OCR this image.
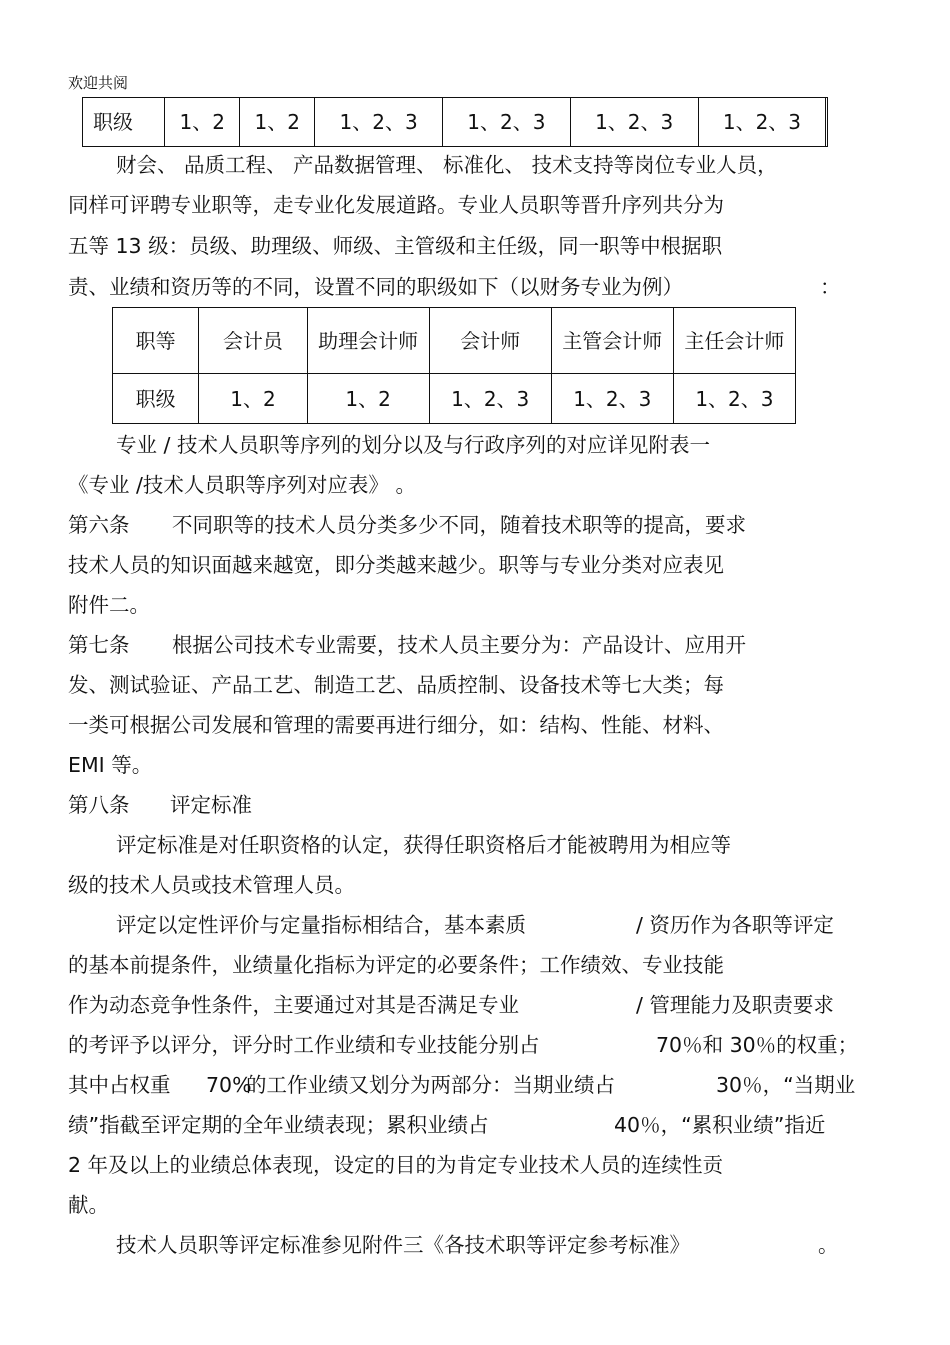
欢迎共阅
职级	1、2	1、2	1、2、3	1、2、3	1、2、3	1、2、3	
财会、 品质工程、 产品数据管理、 标准化、 技术支持等岗位专业人员，
同样可评聘专业职等，走专业化发展道路。专业人员职等晋升序列共分为
五等 13 级：员级、助理级、师级、主管级和主任级，同一职等中根据职
责、业绩和资历等的不同，设置不同的职级如下（以财务专业为例）	：
职等	会计员	助理会计师	会计师	主管会计师	主任会计师
职级	1、2	1、2	1、2、3	1、2、3	1、2、3
专业 / 技术人员职等序列的划分以及与行政序列的对应详见附表一
《专业 /技术人员职等序列对应表》 。
第六条 不同职等的技术人员分类多少不同，随着技术职等的提高，要求
技术人员的知识面越来越宽，即分类越来越少。职等与专业分类对应表见
附件二。
第七条 根据公司技术专业需要，技术人员主要分为：产品设计、应用开
发、测试验证、产品工艺、制造工艺、品质控制、设备技术等七大类；每
一类可根据公司发展和管理的需要再进行细分，如：结构、性能、材料、
EMI 等。
第八条 评定标准
评定标准是对任职资格的认定，获得任职资格后才能被聘用为相应等
级的技术人员或技术管理人员。
评定以定性评价与定量指标相结合，基本素质	/ 资历作为各职等评定
的基本前提条件，业绩量化指标为评定的必要条件；工作绩效、专业技能
作为动态竞争性条件，主要通过对其是否满足专业	/ 管理能力及职责要求
的考评予以评分，评分时工作业绩和专业技能分别占	70％和 30％的权重；
其中占权重 70%
的工作业绩又划分为两部分：当期业绩占	30％，“当期业
绩”指截至评定期的全年业绩表现；累积业绩占	40％，“累积业绩”指近
2 年及以上的业绩总体表现，设定的目的为肯定专业技术人员的连续性贡
献。
技术人员职等评定标准参见附件三《各技术职等评定参考标准》	。
